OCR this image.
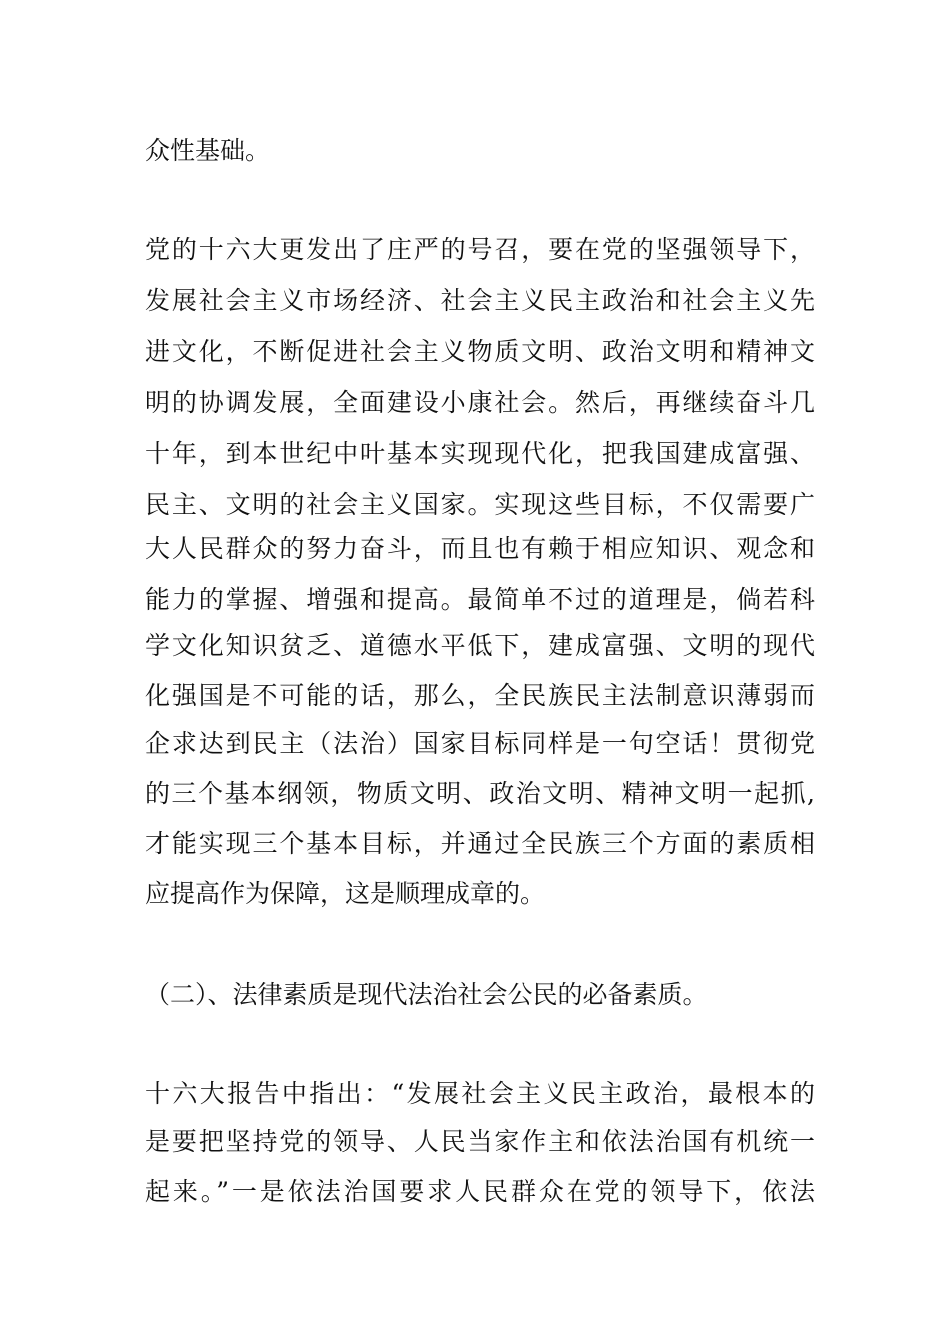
众性基础。
党的十六大更发出了庄严的号召，要在党的坚强领导下，
发展社会主义市场经济、社会主义民主政治和社会主义先
进文化，不断促进社会主义物质文明、政治文明和精神文
明的协调发展，全面建设小康社会。然后，再继续奋斗几
十年，到本世纪中叶基本实现现代化，把我国建成富强、
民主、文明的社会主义国家。实现这些目标，不仅需要广
大人民群众的努力奋斗，而且也有赖于相应知识、观念和
能力的掌握、增强和提高。最简单不过的道理是，倘若科
学文化知识贫乏、道德水平低下，建成富强、文明的现代
化强国是不可能的话，那么，全民族民主法制意识薄弱而
企求达到民主（法治）国家目标同样是一句空话！贯彻党
的三个基本纲领，物质文明、政治文明、精神文明一起抓,
才能实现三个基本目标，并通过全民族三个方面的素质相
应提高作为保障，这是顺理成章的。
（二）、法律素质是现代法治社会公民的必备素质。
十六大报告中指出：“发展社会主义民主政治，最根本的
是要把坚持党的领导、人民当家作主和依法治国有机统一
起来。”一是依法治国要求人民群众在党的领导下，依法
